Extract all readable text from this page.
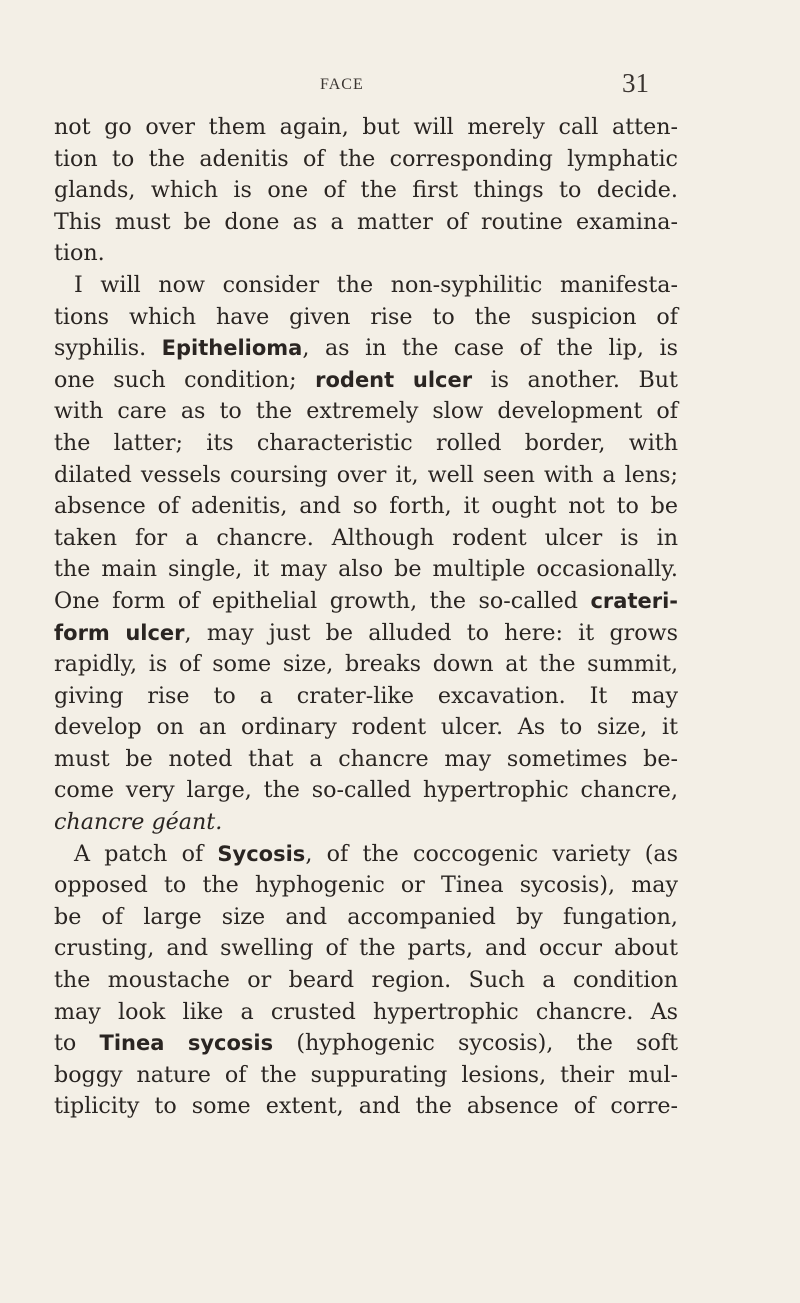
FACE	31
not go over them again, but will merely call atten-
tion to the adenitis of the corresponding lymphatic
glands, which is one of the first things to decide.
This must be done as a matter of routine examina-
tion.
I will now consider the non-syphilitic manifesta-
tions which have given rise to the suspicion of
syphilis. Epithelioma, as in the case of the lip, is
one such condition; rodent ulcer is another. But
with care as to the extremely slow development of
the latter; its characteristic rolled border, with
dilated vessels coursing over it, well seen with a lens;
absence of adenitis, and so forth, it ought not to be
taken for a chancre. Although rodent ulcer is in
the main single, it may also be multiple occasionally.
One form of epithelial growth, the so-called crateri-
form ulcer, may just be alluded to here: it grows
rapidly, is of some size, breaks down at the summit,
giving rise to a crater-like excavation. It may
develop on an ordinary rodent ulcer. As to size, it
must be noted that a chancre may sometimes be-
come very large, the so-called hypertrophic chancre,
chancre géant.
A patch of Sycosis, of the coccogenic variety (as
opposed to the hyphogenic or Tinea sycosis), may
be of large size and accompanied by fungation,
crusting, and swelling of the parts, and occur about
the moustache or beard region. Such a condition
may look like a crusted hypertrophic chancre. As
to Tinea sycosis (hyphogenic sycosis), the soft
boggy nature of the suppurating lesions, their mul-
tiplicity to some extent, and the absence of corre-
